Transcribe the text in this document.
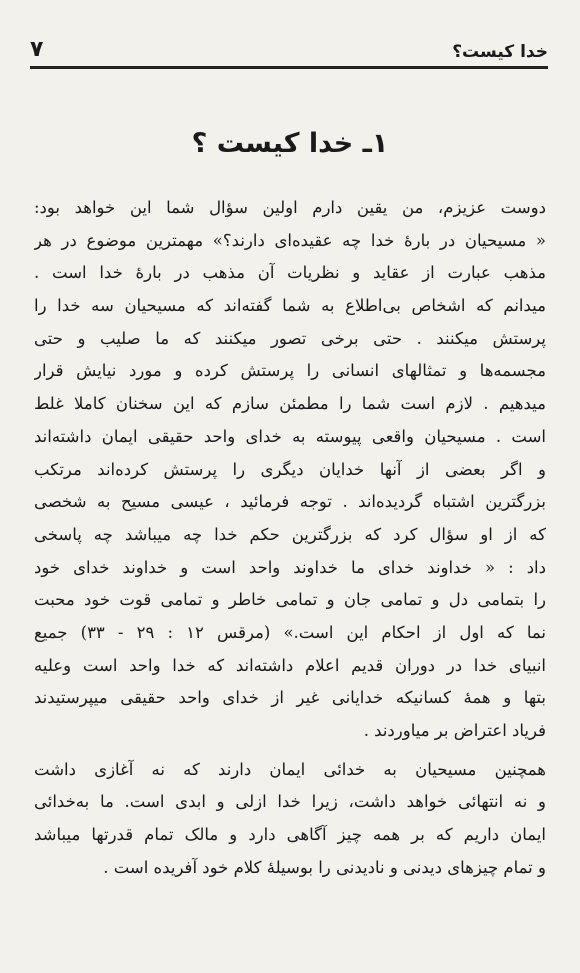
خدا کیست؟
۷
۱ـ خدا کیست ؟
دوست عزیزم، من یقین دارم اولین سؤال شما این خواهد بود:
« مسیحیان در بارهٔ خدا چه عقیده‌ای دارند؟» مهمترین موضوع در هر
مذهب عبارت از عقاید و نظریات آن مذهب در بارهٔ خدا است .
میدانم که اشخاص بی‌اطلاع به شما گفته‌اند که مسیحیان سه خدا را
پرستش میکنند . حتی برخی تصور میکنند که ما صلیب و حتی
مجسمه‌ها و تمثالهای انسانی را پرستش کرده و مورد نیایش قرار
میدهیم . لازم است شما را مطمئن سازم که این سخنان کاملا غلط
است . مسیحیان واقعی پیوسته به خدای واحد حقیقی ایمان داشته‌اند
و اگر بعضی از آنها خدایان دیگری را پرستش کرده‌اند مرتکب
بزرگترین اشتباه گردیده‌اند . توجه فرمائید ، عیسی مسیح به شخصی
که از او سؤال کرد که بزرگترین حکم خدا چه میباشد چه پاسخی
داد : « خداوند خدای ما خداوند واحد است و خداوند خدای خود
را بتمامی دل و تمامی جان و تمامی خاطر و تمامی قوت خود محبت
نما که اول از احکام این است.» (مرقس ۱۲ : ۲۹ - ۳۳) جمیع
انبیای خدا در دوران قدیم اعلام داشته‌اند که خدا واحد است وعلیه
بتها و همهٔ کسانیکه خدایانی غیر از خدای واحد حقیقی میپرستیدند
فریاد اعتراض بر میاوردند .
همچنین مسیحیان به خدائی ایمان دارند که نه آغازی داشت
و نه انتهائی خواهد داشت، زیرا خدا ازلی و ابدی است. ما به‌خدائی
ایمان داریم که بر همه چیز آگاهی دارد و مالک تمام قدرتها میباشد
و تمام چیزهای دیدنی و نادیدنی را بوسیلهٔ کلام خود آفریده است .
